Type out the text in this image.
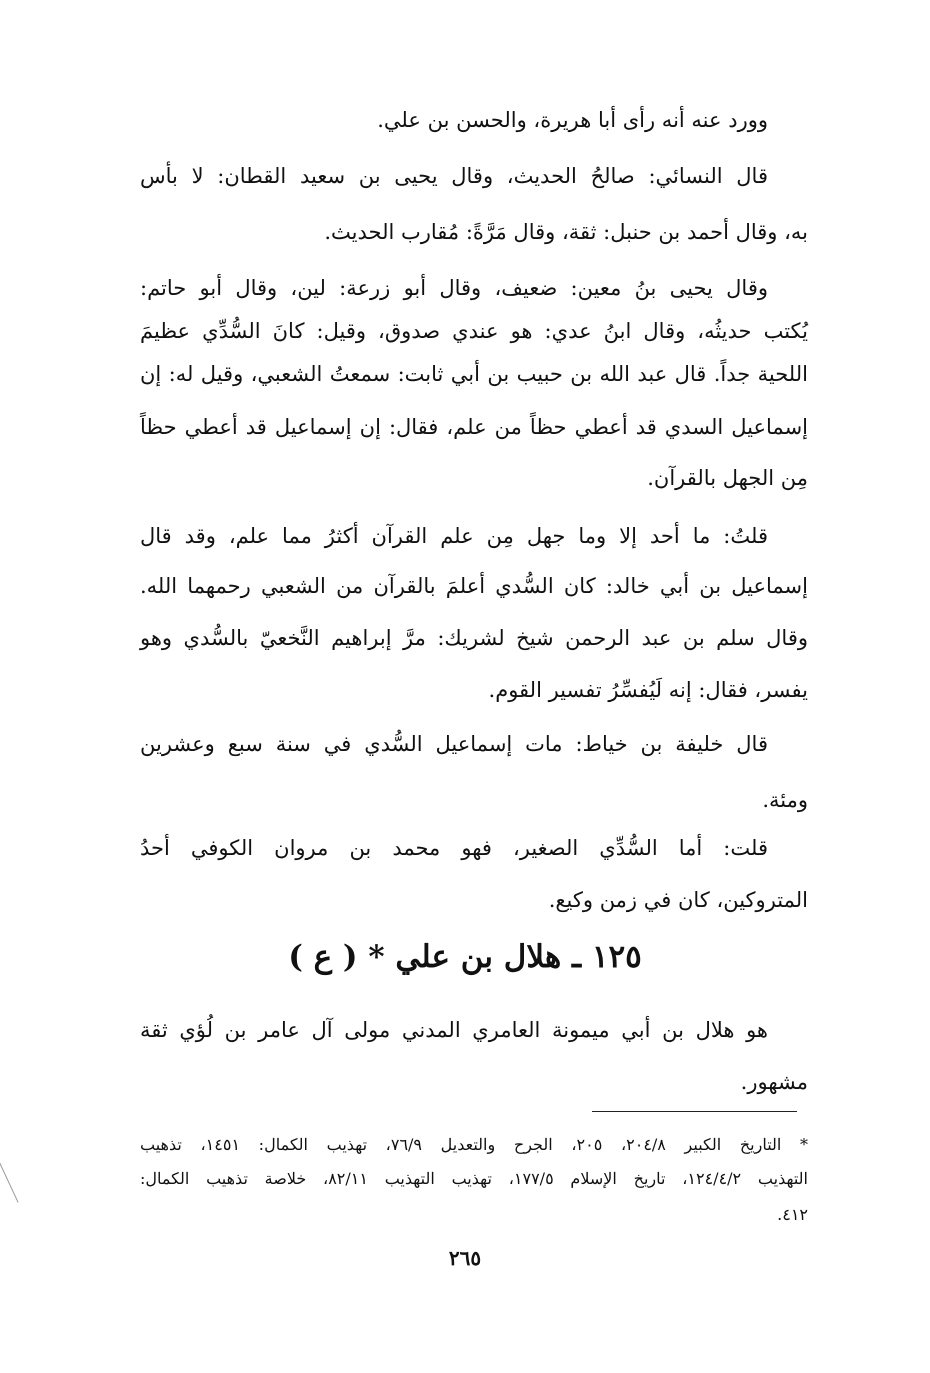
وورد عنه أنه رأى أبا هريرة، والحسن بن علي.
قال النسائي: صالحُ الحديث، وقال يحيى بن سعيد القطان: لا بأس
به، وقال أحمد بن حنبل: ثقة، وقال مَرَّةً: مُقارب الحديث.
وقال يحيى بنُ معين: ضعيف، وقال أبو زرعة: لين، وقال أبو حاتم:
يُكتب حديثُه، وقال ابنُ عدي: هو عندي صدوق، وقيل: كانَ السُّدِّي عظيمَ
اللحية جداً. قال عبد الله بن حبيب بن أبي ثابت: سمعتُ الشعبي، وقيل له: إن
إسماعيل السدي قد أعطي حظاً من علم، فقال: إن إسماعيل قد أعطي حظاً
مِن الجهل بالقرآن.
قلتُ: ما أحد إلا وما جهل مِن علم القرآن أكثرُ مما علم، وقد قال
إسماعيل بن أبي خالد: كان السُّدي أعلمَ بالقرآن من الشعبي رحمهما الله.
وقال سلم بن عبد الرحمن شيخ لشريك: مرَّ إبراهيم النَّخعيّ بالسُّدي وهو
يفسر، فقال: إنه لَيُفسِّرُ تفسير القوم.
قال خليفة بن خياط: مات إسماعيل السُّدي في سنة سبع وعشرين
ومئة.
قلت: أما السُّدِّي الصغير، فهو محمد بن مروان الكوفي أحدُ
المتروكين، كان في زمن وكيع.
هو هلال بن أبي ميمونة العامري المدني مولى آل عامر بن لُؤي ثقة
مشهور.
* التاريخ الكبير ٢٠٤/٨، ٢٠٥، الجرح والتعديل ٧٦/٩، تهذيب الكمال: ١٤٥١، تذهيب
التهذيب ١٢٤/٤/٢، تاريخ الإسلام ١٧٧/٥، تهذيب التهذيب ٨٢/١١، خلاصة تذهيب الكمال:
٤١٢.
١٢٥ ـ هلال بن علي * ( ع )
٢٦٥
